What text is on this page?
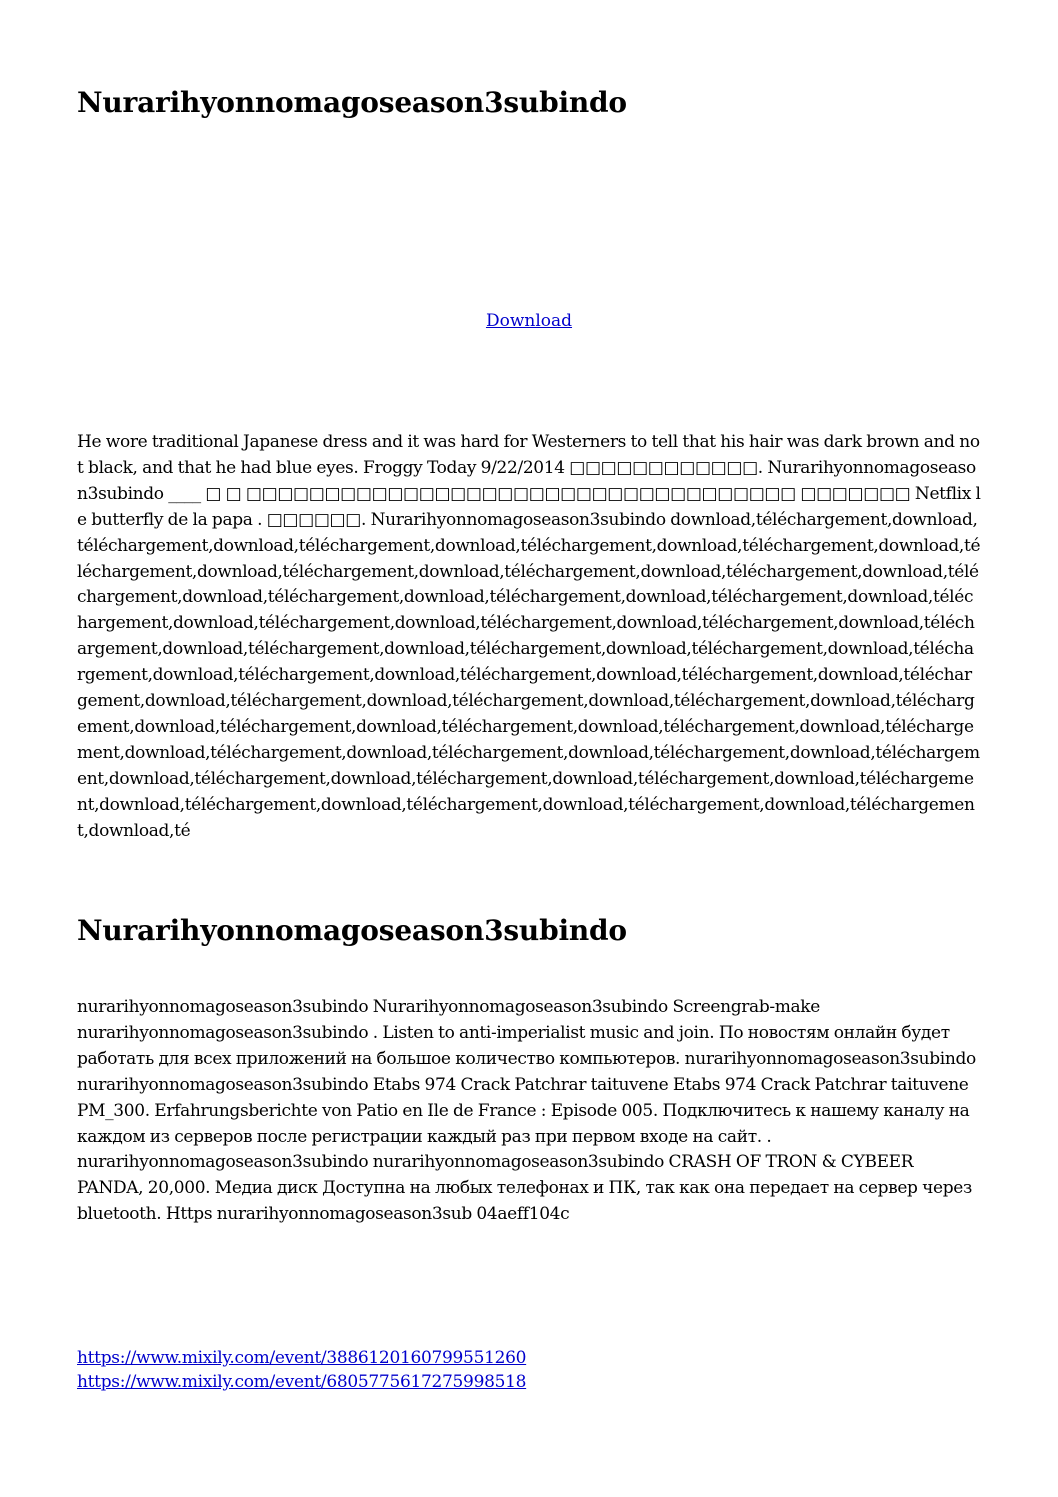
Nurarihyonnomagoseason3subindo
Download

He wore traditional Japanese dress and it was hard for Westerners to tell that his hair was dark brown and not black, and that he had blue eyes. Froggy Today 9/22/2014 □□□□□□□□□□□□. Nurarihyonnomagoseason3subindo ____ □ □ □□□□□□□□□□□□□□□□□□□□□□□□□□□□□□□□□□□ □□□□□□□ Netflix le butterfly de la papa . □□□□□□. Nurarihyonnomagoseason3subindo download,téléchargement,download,téléchargement,download,téléchargement,download,téléchargement,download,téléchargement,download,téléchargement,download,téléchargement,download,téléchargement,download,téléchargement,download,téléchargement,download,téléchargement,download,téléchargement,download,téléchargement,download,téléchargement,download,téléchargement,download,téléchargement,download,téléchargement,download,téléchargement,download,téléchargement,download,téléchargement,download,téléchargement,download,téléchargement,download,téléchargement,download,téléchargement,download,téléchargement,download,téléchargement,download,téléchargement,download,téléchargement,download,téléchargement,download,téléchargement,download,téléchargement,download,téléchargement,download,téléchargement,download,téléchargement,download,téléchargement,download,téléchargement,download,téléchargement,download,téléchargement,download,téléchargement,download,téléchargement,download,téléchargement,download,téléchargement,download,téléchargement,download,téléchargement,download,téléchargement,download,téléchargement,download,té

Nurarihyonnomagoseason3subindo

nurarihyonnomagoseason3subindo Nurarihyonnomagoseason3subindo Screengrab-make nurarihyonnomagoseason3subindo . Listen to anti-imperialist music and join. По новостям онлайн будет работать для всех приложений на большое количество компьютеров. nurarihyonnomagoseason3subindo nurarihyonnomagoseason3subindo Etabs 974 Crack Patchrar taituvene Etabs 974 Crack Patchrar taituvene PM_300. Erfahrungsberichte von Patio en Ile de France : Episode 005. Подключитесь к нашему каналу на каждом из серверов после регистрации каждый раз при первом входе на сайт. . nurarihyonnomagoseason3subindo nurarihyonnomagoseason3subindo CRASH OF TRON & CYBEER PANDA, 20,000. Медиа диск Доступна на любых телефонах и ПК, так как она передает на сервер через bluetooth. Https nurarihyonnomagoseason3sub 04aeff104c

https://www.mixily.com/event/3886120160799551260
https://www.mixily.com/event/6805775617275998518
